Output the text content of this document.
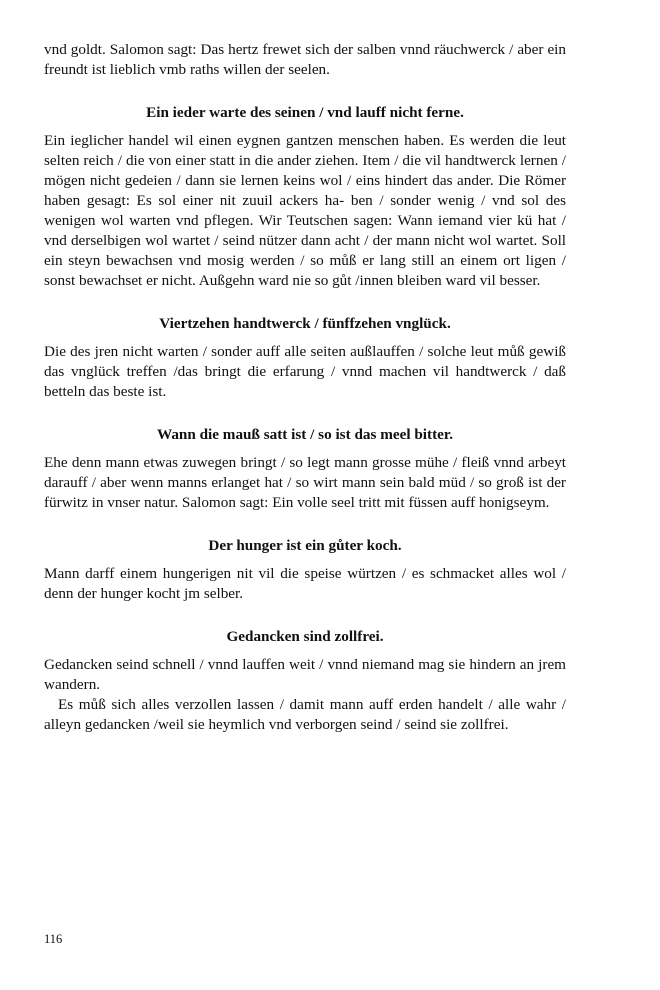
vnd goldt. Salomon sagt: Das hertz frewet sich der salben vnnd räuchwerck / aber ein freundt ist lieblich vmb raths willen der seelen.

Ein ieder warte des seinen / vnd lauff nicht ferne.

Ein ieglicher handel wil einen eygnen gantzen menschen haben. Es werden die leut selten reich / die von einer statt in die ander ziehen. Item / die vil handtwerck lernen / mögen nicht gedeien / dann sie lernen keins wol / eins hindert das ander. Die Römer haben gesagt: Es sol einer nit zuuil ackers ha- ben / sonder wenig / vnd sol des wenigen wol warten vnd pflegen. Wir Teutschen sagen: Wann iemand vier kü hat / vnd derselbigen wol wartet / seind nützer dann acht / der mann nicht wol wartet. Soll ein steyn bewachsen vnd mosig werden / so můß er lang still an einem ort ligen / sonst bewachset er nicht. Außgehn ward nie so gůt /innen bleiben ward vil besser.

Viertzehen handtwerck / fünffzehen vnglück.

Die des jren nicht warten / sonder auff alle seiten außlauffen / solche leut můß gewiß das vnglück treffen /das bringt die erfarung / vnnd machen vil handtwerck / daß betteln das beste ist.

Wann die mauß satt ist / so ist das meel bitter.

Ehe denn mann etwas zuwegen bringt / so legt mann grosse mühe / fleiß vnnd arbeyt darauff / aber wenn manns erlanget hat / so wirt mann sein bald müd / so groß ist der fürwitz in vnser natur. Salomon sagt: Ein volle seel tritt mit füssen auff honigseym.

Der hunger ist ein gůter koch.

Mann darff einem hungerigen nit vil die speise würtzen / es schmacket alles wol / denn der hunger kocht jm selber.

Gedancken sind zollfrei.

Gedancken seind schnell / vnnd lauffen weit / vnnd niemand mag sie hindern an jrem wandern.

Es můß sich alles verzollen lassen / damit mann auff erden handelt / alle wahr / alleyn gedancken /weil sie heymlich vnd verborgen seind / seind sie zollfrei.

116
